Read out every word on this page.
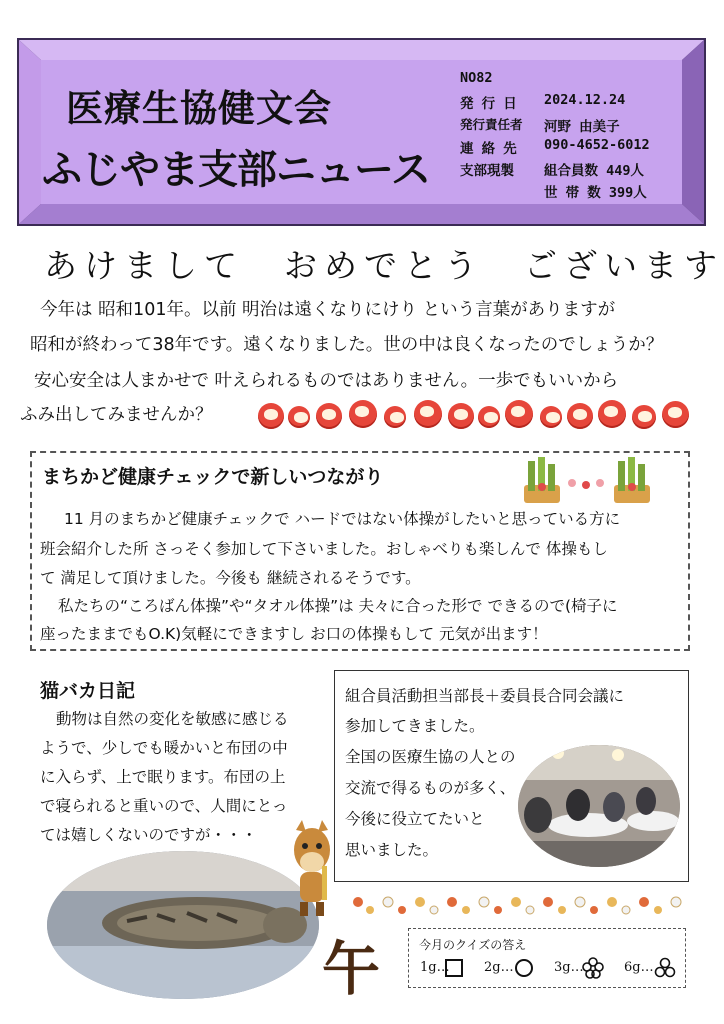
医療生協健文会
ふじやま支部ニュース
NO82
発 行 日 2024.12.24
発行責任者 河野 由美子
連 絡 先 090-4652-6012
支部現製 組合員数 449人
世 帯 数 399人
あけまして　おめでとう　ございます
今年は 昭和101年。以前 明治は遠くなりにけり という言葉がありますが
昭和が終わって38年です。遠くなりました。世の中は良くなったのでしょうか？
安心安全は人まかせで 叶えられるものではありません。一歩でもいいから
ふみ出してみませんか？
まちかど健康チェックで新しいつながり
11 月のまちかど健康チェックで ハードではない体操がしたいと思っている方に
班会紹介した所 さっそく参加して下さいました。おしゃべりも楽しんで 体操もし
て 満足して頂けました。今後も 継続されるそうです。
私たちの“ころばん体操”や“タオル体操”は 夫々に合った形で できるので(椅子に
座ったままでもO.K)気軽にできますし お口の体操もして 元気が出ます！
猫バカ日記
動物は自然の変化を敏感に感じる
ようで、少しでも暖かいと布団の中
に入らず、上で眠ります。布団の上
で寝られると重いので、人間にとっ
ては嬉しくないのですが・・・
午
組合員活動担当部長＋委員長合同会議に
参加してきました。
全国の医療生協の人との
交流で得るものが多く、
今後に役立てたいと
思いました。
今月のクイズの答え
1g…	2g…	3g…	6g…
